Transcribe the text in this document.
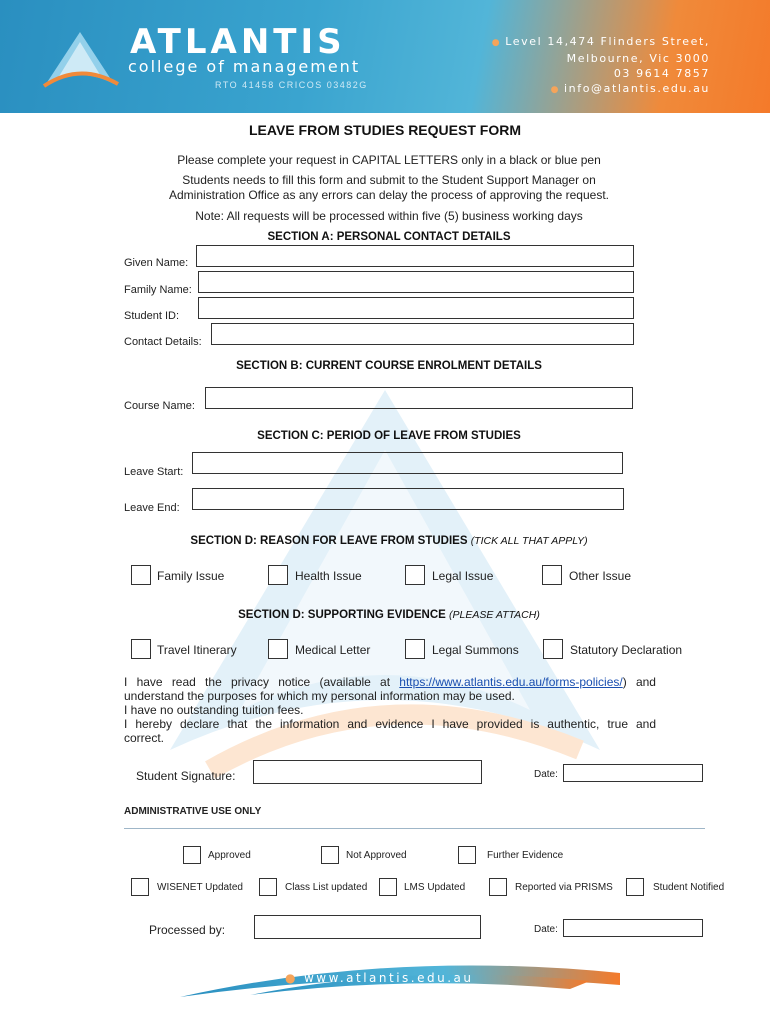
ATLANTIS
college of management
RTO 41458 CRICOS 03482G
● Level 14,474 Flinders Street,
Melbourne, Vic 3000
03 9614 7857
● info@atlantis.edu.au
LEAVE FROM STUDIES REQUEST FORM
Please complete your request in CAPITAL LETTERS only in a black or blue pen
Students needs to fill this form and submit to the Student Support Manager on
Administration Office as any errors can delay the process of approving the request.
Note: All requests will be processed within five (5) business working days
SECTION A: PERSONAL CONTACT DETAILS
Given Name:
Family Name:
Student ID:
Contact Details:
SECTION B: CURRENT COURSE ENROLMENT DETAILS
Course Name:
SECTION C: PERIOD OF LEAVE FROM STUDIES
Leave Start:
Leave End:
SECTION D: REASON FOR LEAVE FROM STUDIES (TICK ALL THAT APPLY)
Family Issue	Health Issue	Legal Issue	Other Issue
SECTION D: SUPPORTING EVIDENCE (PLEASE ATTACH)
Travel Itinerary	Medical Letter	Legal Summons	Statutory Declaration
I have read the privacy notice (available at https://www.atlantis.edu.au/forms-policies/) and
understand the purposes for which my personal information may be used.
I have no outstanding tuition fees.
I hereby declare that the information and evidence I have provided is authentic, true and
correct.
Student Signature:	Date:
ADMINISTRATIVE USE ONLY
Approved	Not Approved	Further Evidence
WISENET Updated	Class List updated	LMS Updated	Reported via PRISMS	Student Notified
Processed by:	Date:
● www.atlantis.edu.au
